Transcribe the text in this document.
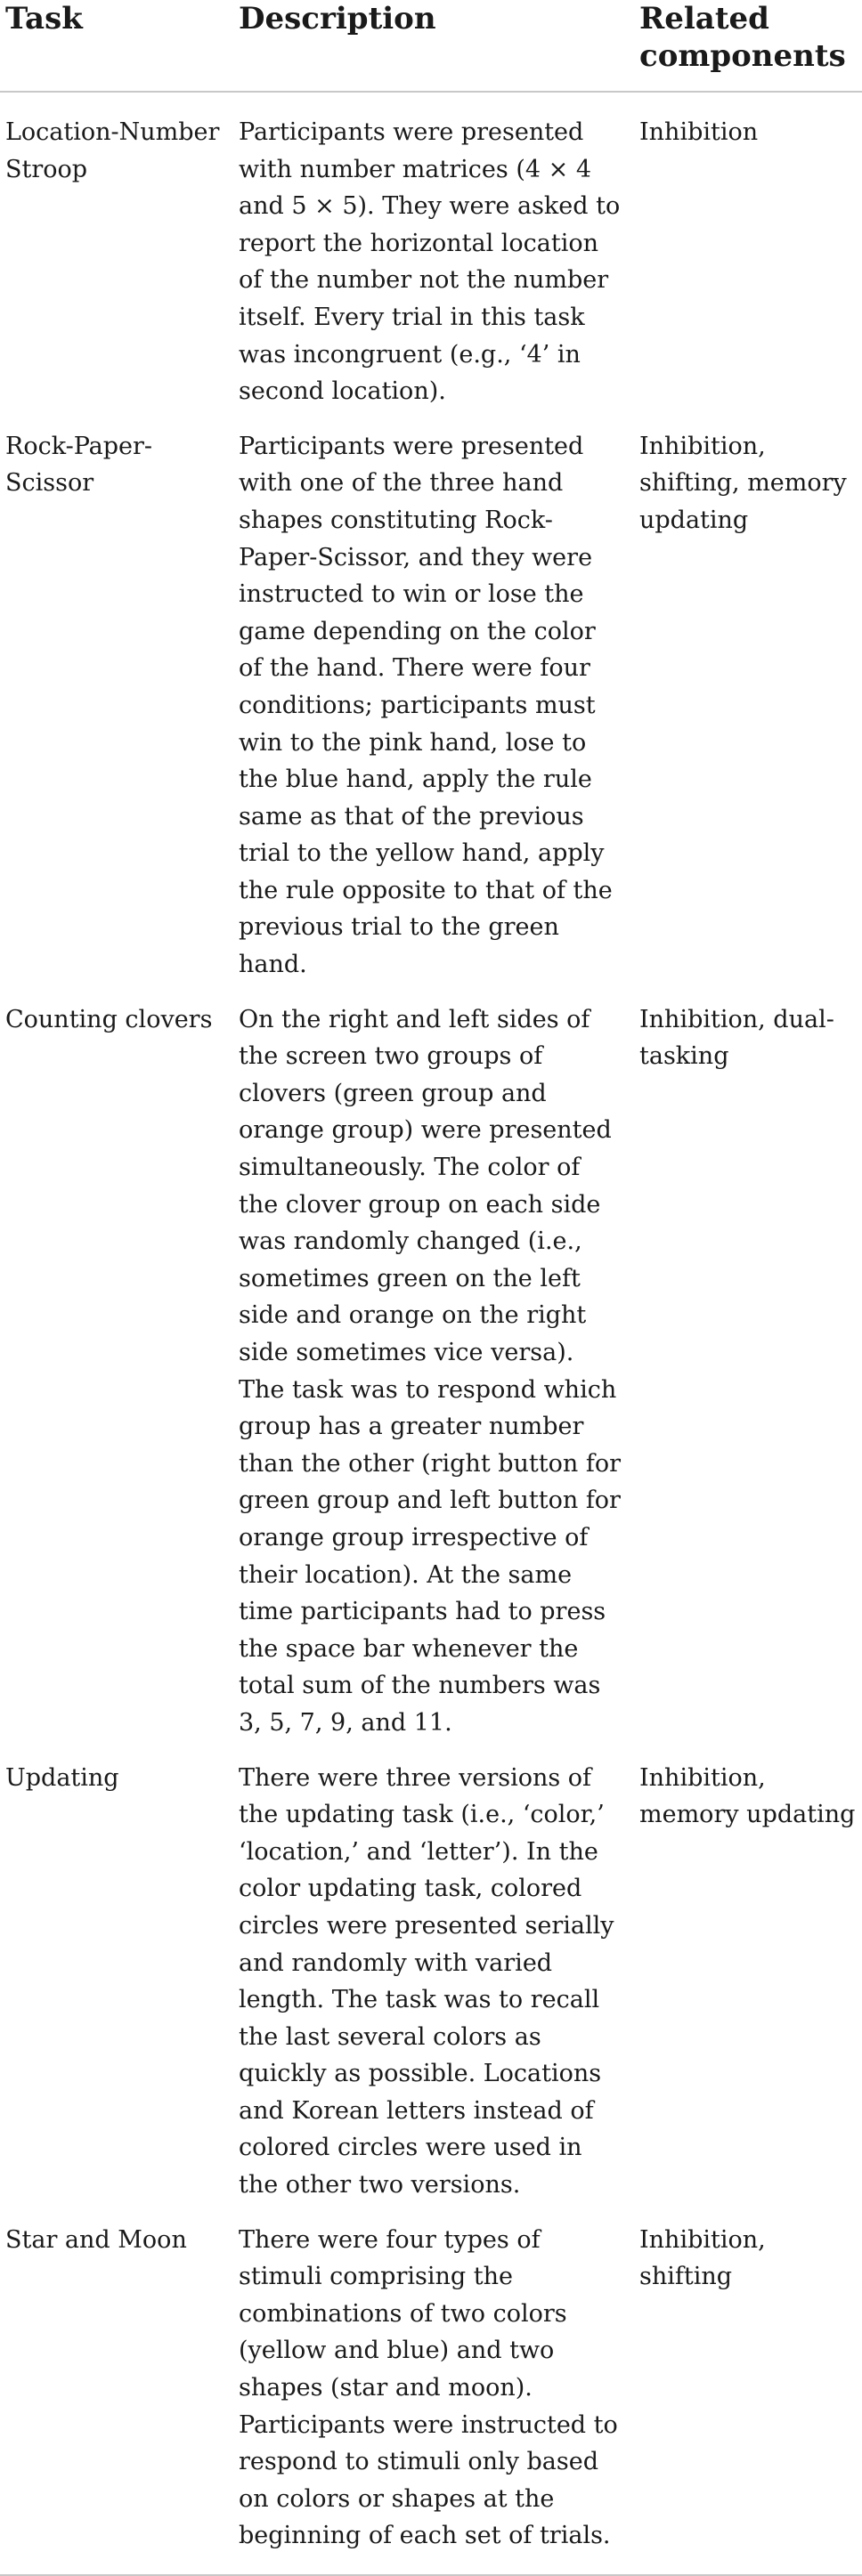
Task	Description	Related components
Location-Number Stroop	Participants were presented with number matrices (4 × 4 and 5 × 5). They were asked to report the horizontal location of the number not the number itself. Every trial in this task was incongruent (e.g., ‘4’ in second location).	Inhibition
Rock-Paper-Scissor	Participants were presented with one of the three hand shapes constituting Rock-Paper-Scissor, and they were instructed to win or lose the game depending on the color of the hand. There were four conditions; participants must win to the pink hand, lose to the blue hand, apply the rule same as that of the previous trial to the yellow hand, apply the rule opposite to that of the previous trial to the green hand.	Inhibition, shifting, memory updating
Counting clovers	On the right and left sides of the screen two groups of clovers (green group and orange group) were presented simultaneously. The color of the clover group on each side was randomly changed (i.e., sometimes green on the left side and orange on the right side sometimes vice versa). The task was to respond which group has a greater number than the other (right button for green group and left button for orange group irrespective of their location). At the same time participants had to press the space bar whenever the total sum of the numbers was 3, 5, 7, 9, and 11.	Inhibition, dual-tasking
Updating	There were three versions of the updating task (i.e., ‘color,’ ‘location,’ and ‘letter’). In the color updating task, colored circles were presented serially and randomly with varied length. The task was to recall the last several colors as quickly as possible. Locations and Korean letters instead of colored circles were used in the other two versions.	Inhibition, memory updating
Star and Moon	There were four types of stimuli comprising the combinations of two colors (yellow and blue) and two shapes (star and moon). Participants were instructed to respond to stimuli only based on colors or shapes at the beginning of each set of trials.	Inhibition, shifting
